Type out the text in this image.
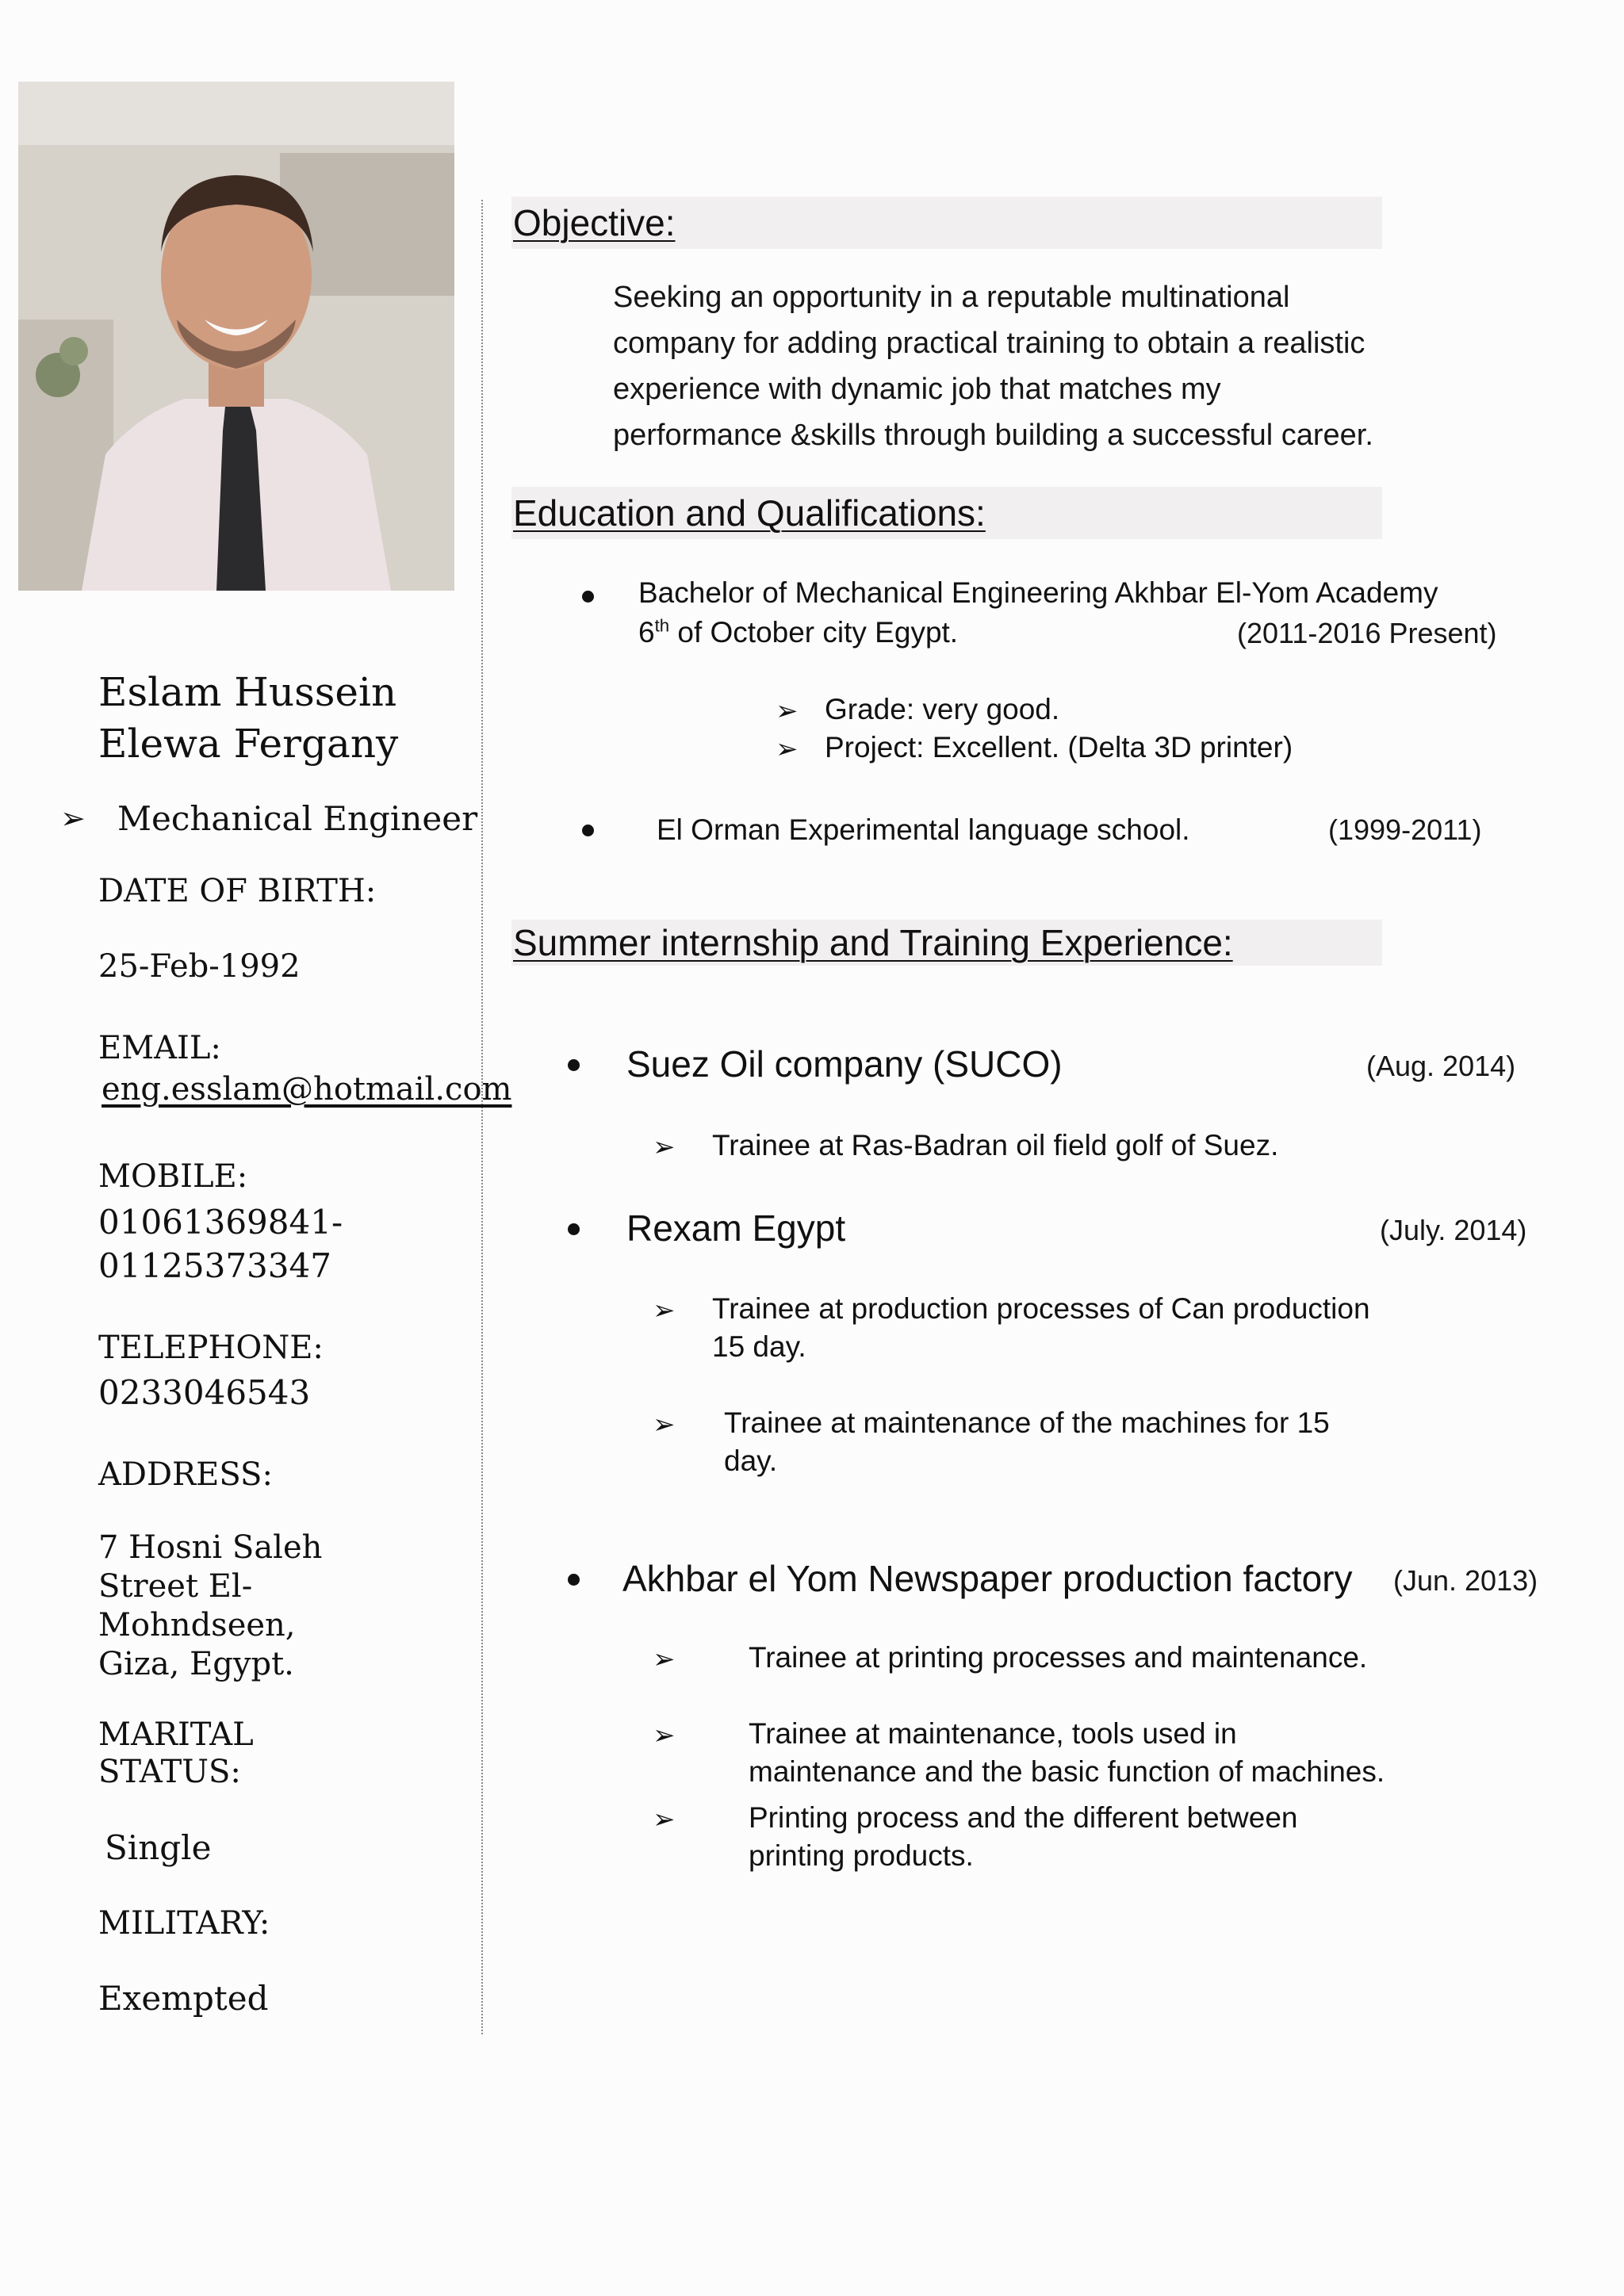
Eslam Hussein
Elewa Fergany
➢ Mechanical Engineer
DATE OF BIRTH:
25-Feb-1992
EMAIL:
eng.esslam@hotmail.com
MOBILE:
01061369841-
01125373347
TELEPHONE:
0233046543
ADDRESS:
7 Hosni Saleh
Street El-
Mohndseen,
Giza, Egypt.
MARITAL
STATUS:
Single
MILITARY:
Exempted
Objective:
Seeking an opportunity in a reputable multinational
company for adding practical training to obtain a realistic
experience with dynamic job that matches my
performance &skills through building a successful career.
Education and Qualifications:
Bachelor of Mechanical Engineering Akhbar El-Yom Academy
6th of October city Egypt.	(2011-2016 Present)
➢ Grade: very good.
➢ Project: Excellent. (Delta 3D printer)
El Orman Experimental language school.	(1999-2011)
Summer internship and Training Experience:
Suez Oil company (SUCO)	(Aug. 2014)
➢ Trainee at Ras-Badran oil field golf of Suez.
Rexam Egypt	(July. 2014)
➢ Trainee at production processes of Can production
15 day.
➢ Trainee at maintenance of the machines for 15
day.
Akhbar el Yom Newspaper production factory (Jun. 2013)
➢	Trainee at printing processes and maintenance.
➢	Trainee at maintenance, tools used in
maintenance and the basic function of machines.
➢	Printing process and the different between
printing products.
